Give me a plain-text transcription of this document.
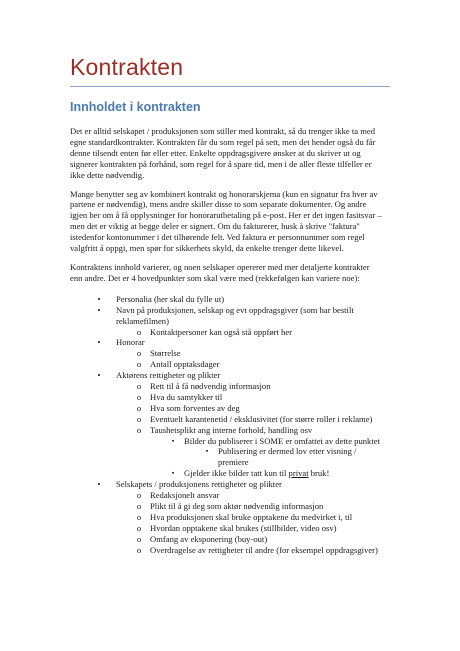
Kontrakten
Innholdet i kontrakten

Det er alltid selskapet / produksjonen som stiller med kontrakt, så du trenger ikke ta med egne standardkontrakter. Kontrakten får du som regel på sett, men det hender også du får denne tilsendt enten før eller etter. Enkelte oppdragsgivere ønsker at du skriver ut og signerer kontrakten på forhånd, som regel for å spare tid, men i de aller fleste tilfeller er ikke dette nødvendig.

Mange benytter seg av kombinert kontrakt og honorarskjema (kun en signatur fra hver av partene er nødvendig), mens andre skiller disse to som separate dokumenter. Og andre igjen ber om å få opplysninger for honorarutbetaling på e-post. Her er det ingen fasitsvar – men det er viktig at begge deler er signert. Om du fakturerer, husk å skrive "faktura" istedenfor kontonummer i det tilhørende felt. Ved faktura er personnummer som regel valgfritt å oppgi, men spør for sikkerhets skyld, da enkelte trenger dette likevel.

Kontraktens innhold varierer, og noen selskaper opererer med mer detaljerte kontrakter enn andre. Det er 4 hovedpunkter som skal være med (rekkefølgen kan variere noe):

•	Personalia (her skal du fylle ut)
•	Navn på produksjonen, selskap og evt oppdragsgiver (som har bestilt reklamefilmen)
o	Kontaktpersoner kan også stå oppført her
•	Honorar
o	Størrelse
o	Antall opptaksdager
•	Aktørens rettigheter og plikter
o	Rett til å få nødvendig informasjon
o	Hva du samtykker til
o	Hva som forventes av deg
o	Eventuelt karantenetid / eksklusivitet (for større roller i reklame)
o	Taushetsplikt ang interne forhold, handling osv
▪	Bilder du publiserer i SOME er omfattet av dette punktet
▪	Publisering er dermed lov etter visning / premiere
▪	Gjelder ikke bilder tatt kun til privat bruk!
•	Selskapets / produksjonens rettigheter og plikter
o	Redaksjonelt ansvar
o	Plikt til å gi deg som aktør nødvendig informasjon
o	Hva produksjonen skal bruke opptakene du medvirket i, til
o	Hvordan opptakene skal brukes (stillbilder, video osv)
o	Omfang av eksponering (buy-out)
o	Overdragelse av rettigheter til andre (for eksempel oppdragsgiver)
